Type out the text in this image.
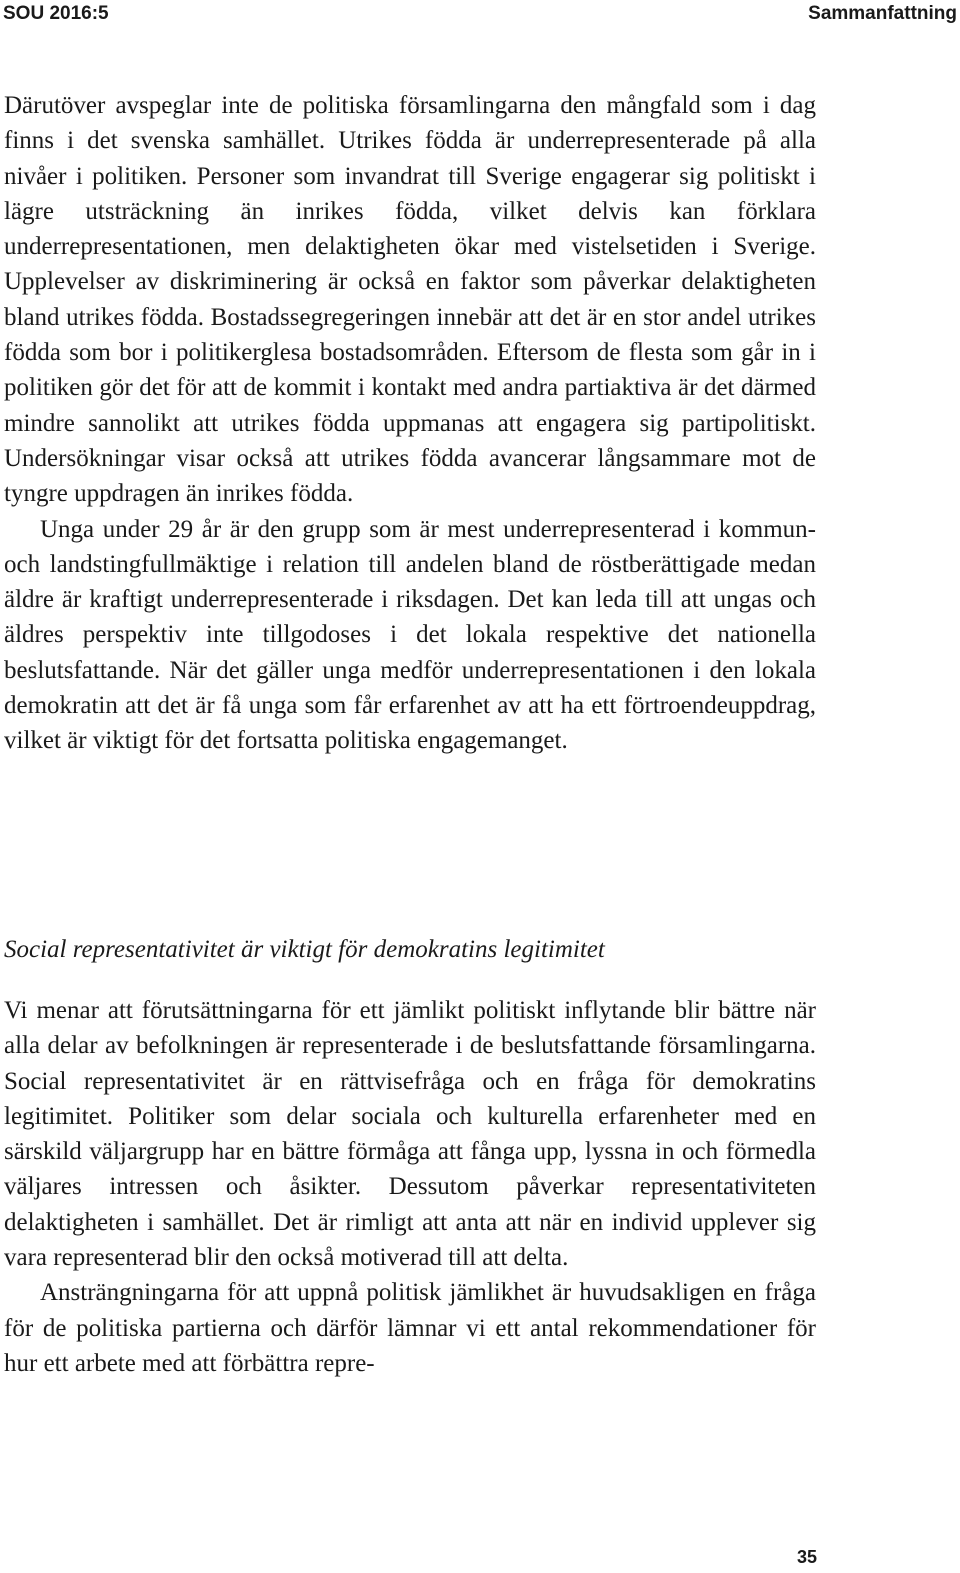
SOU 2016:5	Sammanfattning

Därutöver avspeglar inte de politiska församlingarna den mångfald som i dag finns i det svenska samhället. Utrikes födda är underrepresenterade på alla nivåer i politiken. Personer som invandrat till Sverige engagerar sig politiskt i lägre utsträckning än inrikes födda, vilket delvis kan förklara underrepresentationen, men delaktigheten ökar med vistelsetiden i Sverige. Upplevelser av diskriminering är också en faktor som påverkar delaktigheten bland utrikes födda. Bostadssegregeringen innebär att det är en stor andel utrikes födda som bor i politikerglesa bostadsområden. Eftersom de flesta som går in i politiken gör det för att de kommit i kontakt med andra partiaktiva är det därmed mindre sannolikt att utrikes födda uppmanas att engagera sig partipolitiskt. Undersökningar visar också att utrikes födda avancerar långsammare mot de tyngre uppdragen än inrikes födda.

Unga under 29 år är den grupp som är mest underrepresenterad i kommun- och landstingfullmäktige i relation till andelen bland de röstberättigade medan äldre är kraftigt underrepresenterade i riksdagen. Det kan leda till att ungas och äldres perspektiv inte tillgodoses i det lokala respektive det nationella beslutsfattande. När det gäller unga medför underrepresentationen i den lokala demokratin att det är få unga som får erfarenhet av att ha ett förtroendeuppdrag, vilket är viktigt för det fortsatta politiska engagemanget.

Social representativitet är viktigt för demokratins legitimitet

Vi menar att förutsättningarna för ett jämlikt politiskt inflytande blir bättre när alla delar av befolkningen är representerade i de beslutsfattande församlingarna. Social representativitet är en rättvisefråga och en fråga för demokratins legitimitet. Politiker som delar sociala och kulturella erfarenheter med en särskild väljargrupp har en bättre förmåga att fånga upp, lyssna in och förmedla väljares intressen och åsikter. Dessutom påverkar representativiteten delaktigheten i samhället. Det är rimligt att anta att när en individ upplever sig vara representerad blir den också motiverad till att delta.

Ansträngningarna för att uppnå politisk jämlikhet är huvudsakligen en fråga för de politiska partierna och därför lämnar vi ett antal rekommendationer för hur ett arbete med att förbättra repre-

35
